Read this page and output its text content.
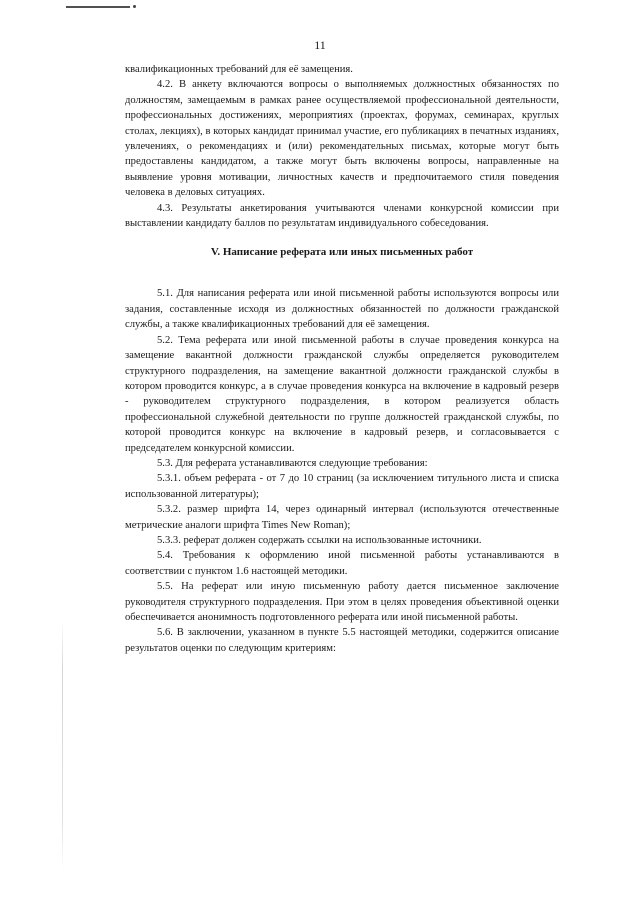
11

квалификационных требований для её замещения.

4.2. В анкету включаются вопросы о выполняемых должностных обязанностях по должностям, замещаемым в рамках ранее осуществляемой профессиональной деятельности, профессиональных достижениях, мероприятиях (проектах, форумах, семинарах, круглых столах, лекциях), в которых кандидат принимал участие, его публикациях в печатных изданиях, увлечениях, о рекомендациях и (или) рекомендательных письмах, которые могут быть предоставлены кандидатом, а также могут быть включены вопросы, направленные на выявление уровня мотивации, личностных качеств и предпочитаемого стиля поведения человека в деловых ситуациях.

4.3. Результаты анкетирования учитываются членами конкурсной комиссии при выставлении кандидату баллов по результатам индивидуального собеседования.

V. Написание реферата или иных письменных работ

5.1. Для написания реферата или иной письменной работы используются вопросы или задания, составленные исходя из должностных обязанностей по должности гражданской службы, а также квалификационных требований для её замещения.

5.2. Тема реферата или иной письменной работы в случае проведения конкурса на замещение вакантной должности гражданской службы определяется руководителем структурного подразделения, на замещение вакантной должности гражданской службы в котором проводится конкурс, а в случае проведения конкурса на включение в кадровый резерв - руководителем структурного подразделения, в котором реализуется область профессиональной служебной деятельности по группе должностей гражданской службы, по которой проводится конкурс на включение в кадровый резерв, и согласовывается с председателем конкурсной комиссии.

5.3. Для реферата устанавливаются следующие требования:

5.3.1. объем реферата - от 7 до 10 страниц (за исключением титульного листа и списка использованной литературы);

5.3.2. размер шрифта 14, через одинарный интервал (используются отечественные метрические аналоги шрифта Times New Roman);

5.3.3. реферат должен содержать ссылки на использованные источники.

5.4. Требования к оформлению иной письменной работы устанавливаются в соответствии с пунктом 1.6 настоящей методики.

5.5. На реферат или иную письменную работу дается письменное заключение руководителя структурного подразделения. При этом в целях проведения объективной оценки обеспечивается анонимность подготовленного реферата или иной письменной работы.

5.6. В заключении, указанном в пункте 5.5 настоящей методики, содержится описание результатов оценки по следующим критериям:
